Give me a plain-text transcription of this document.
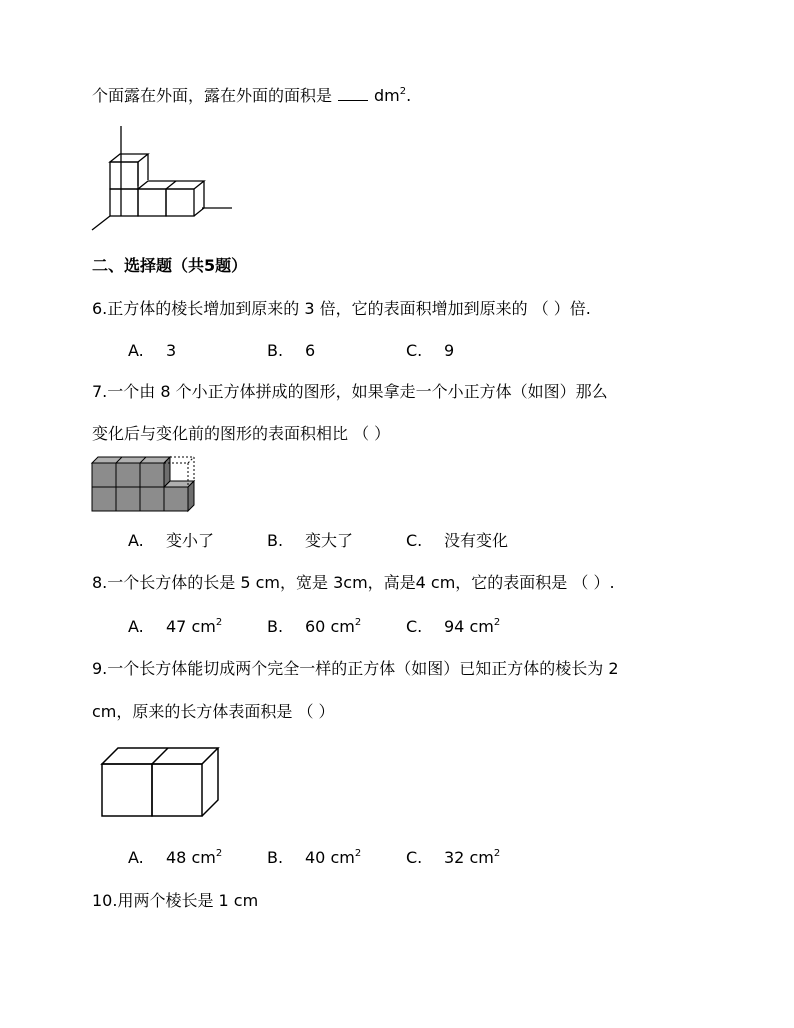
个面露在外面，露在外面的面积是	$dm^2$.
二、选择题（共5题）
6.正方体的棱长增加到原来的 3 倍，它的表面积增加到原来的 （ ）倍.
A. 3	B. 6	C. 9
7.一个由 8 个小正方体拼成的图形，如果拿走一个小正方体（如图）那么
变化后与变化前的图形的表面积相比 （ ）
A. 变小了	B. 变大了	C. 没有变化
8.一个长方体的长是 5 cm，宽是 3cm，高是4 cm，它的表面积是 （ ）.
A. 47 $cm^2$	B. 60 $cm^2$	C. 94 $cm^2$
9.一个长方体能切成两个完全一样的正方体（如图）已知正方体的棱长为 2
cm，原来的长方体表面积是 （ ）
A. 48 $cm^2$	B. 40 $cm^2$	C. 32 $cm^2$
10.用两个棱长是 1 cm
